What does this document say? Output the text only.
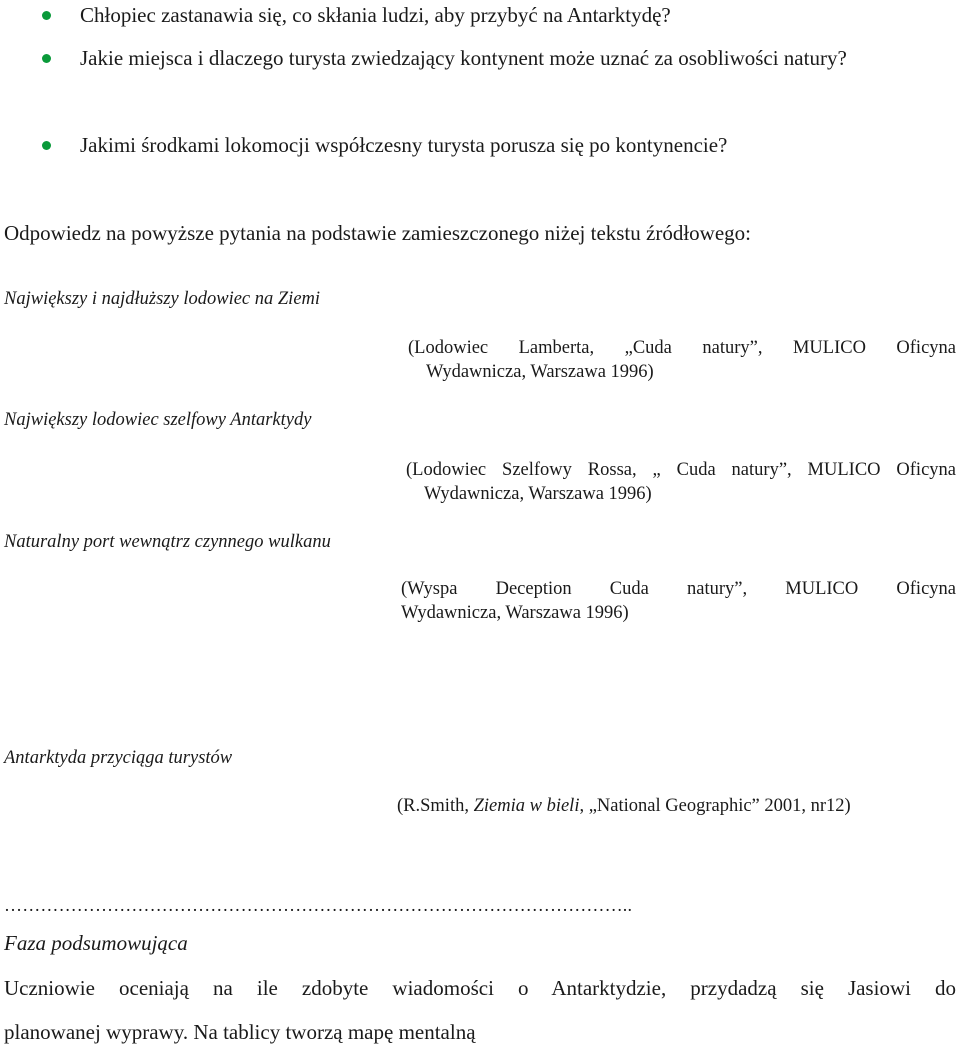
Chłopiec zastanawia się, co skłania ludzi, aby przybyć na Antarktydę?
Jakie miejsca i dlaczego turysta zwiedzający kontynent może uznać za osobliwości natury?
Jakimi środkami lokomocji współczesny turysta porusza się po kontynencie?
Odpowiedz na powyższe pytania na podstawie zamieszczonego niżej tekstu źródłowego:
Największy i najdłuższy lodowiec na Ziemi
(Lodowiec Lamberta, „Cuda natury”, MULICO Oficyna
Wydawnicza, Warszawa 1996)
Największy lodowiec szelfowy Antarktydy
(Lodowiec Szelfowy Rossa, „ Cuda natury”, MULICO Oficyna
Wydawnicza, Warszawa 1996)
Naturalny port wewnątrz czynnego wulkanu
(Wyspa Deception Cuda natury”, MULICO Oficyna
Wydawnicza, Warszawa 1996)
Antarktyda przyciąga turystów
(R.Smith, Ziemia w bieli, „National Geographic” 2001, nr12)
…………………………………………………………………………………………..
Faza podsumowująca
Uczniowie oceniają na ile zdobyte wiadomości o Antarktydzie, przydadzą się Jasiowi do
planowanej wyprawy. Na tablicy tworzą mapę mentalną
